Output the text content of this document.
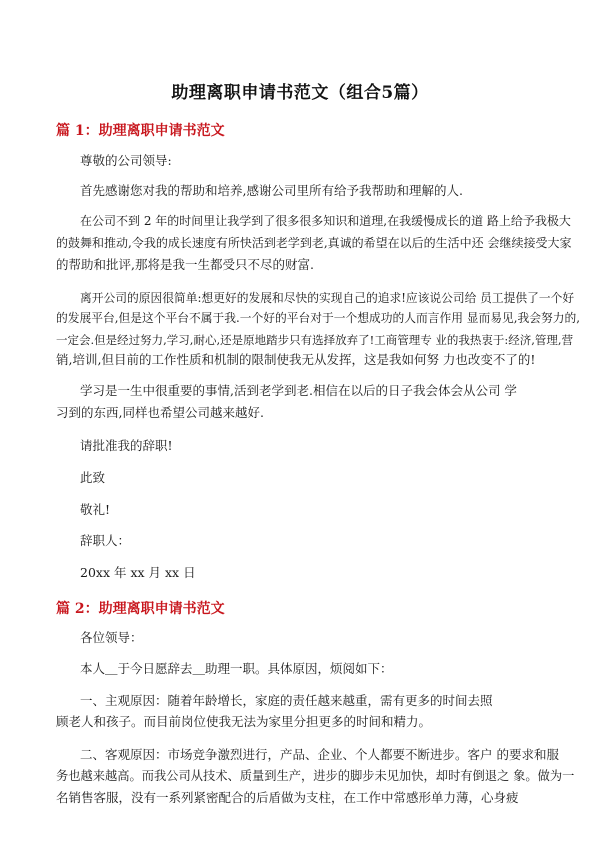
助理离职申请书范文（组合5篇）
篇 1：助理离职申请书范文
尊敬的公司领导:
首先感谢您对我的帮助和培养,感谢公司里所有给予我帮助和理解的人.
在公司不到 2 年的时间里让我学到了很多很多知识和道理,在我缓慢成长的道 路上给予我极大
的鼓舞和推动,令我的成长速度有所快活到老学到老,真诚的希望在以后的生活中还 会继续接受大家
的帮助和批评,那将是我一生都受只不尽的财富.
离开公司的原因很简单:想更好的发展和尽快的实现自己的追求!应该说公司给 员工提供了一个好
的发展平台,但是这个平台不属于我.一个好的平台对于一个想成功的人而言作用 显而易见,我会努力的,
一定会.但是经过努力,学习,耐心,还是原地踏步只有选择放弃了!工商管理专 业的我热衷于:经济,管理,营
销,培训,但目前的工作性质和机制的限制使我无从发挥，这是我如何努 力也改变不了的!
学习是一生中很重要的事情,活到老学到老.相信在以后的日子我会体会从公司 学
习到的东西,同样也希望公司越来越好.
请批准我的辞职!
此致
敬礼!
辞职人：
20xx 年 xx 月 xx 日
篇 2：助理离职申请书范文
各位领导：
本人＿于今日愿辞去＿助理一职。具体原因，烦阅如下：
一、主观原因：随着年龄增长，家庭的责任越来越重，需有更多的时间去照
顾老人和孩子。而目前岗位使我无法为家里分担更多的时间和精力。
二、客观原因：市场竞争激烈进行，产品、企业、个人都要不断进步。客户 的要求和服
务也越来越高。而我公司从技术、质量到生产，进步的脚步未见加快，却时有倒退之 象。做为一
名销售客服，没有一系列紧密配合的后盾做为支柱，在工作中常感形单力薄，心身疲
